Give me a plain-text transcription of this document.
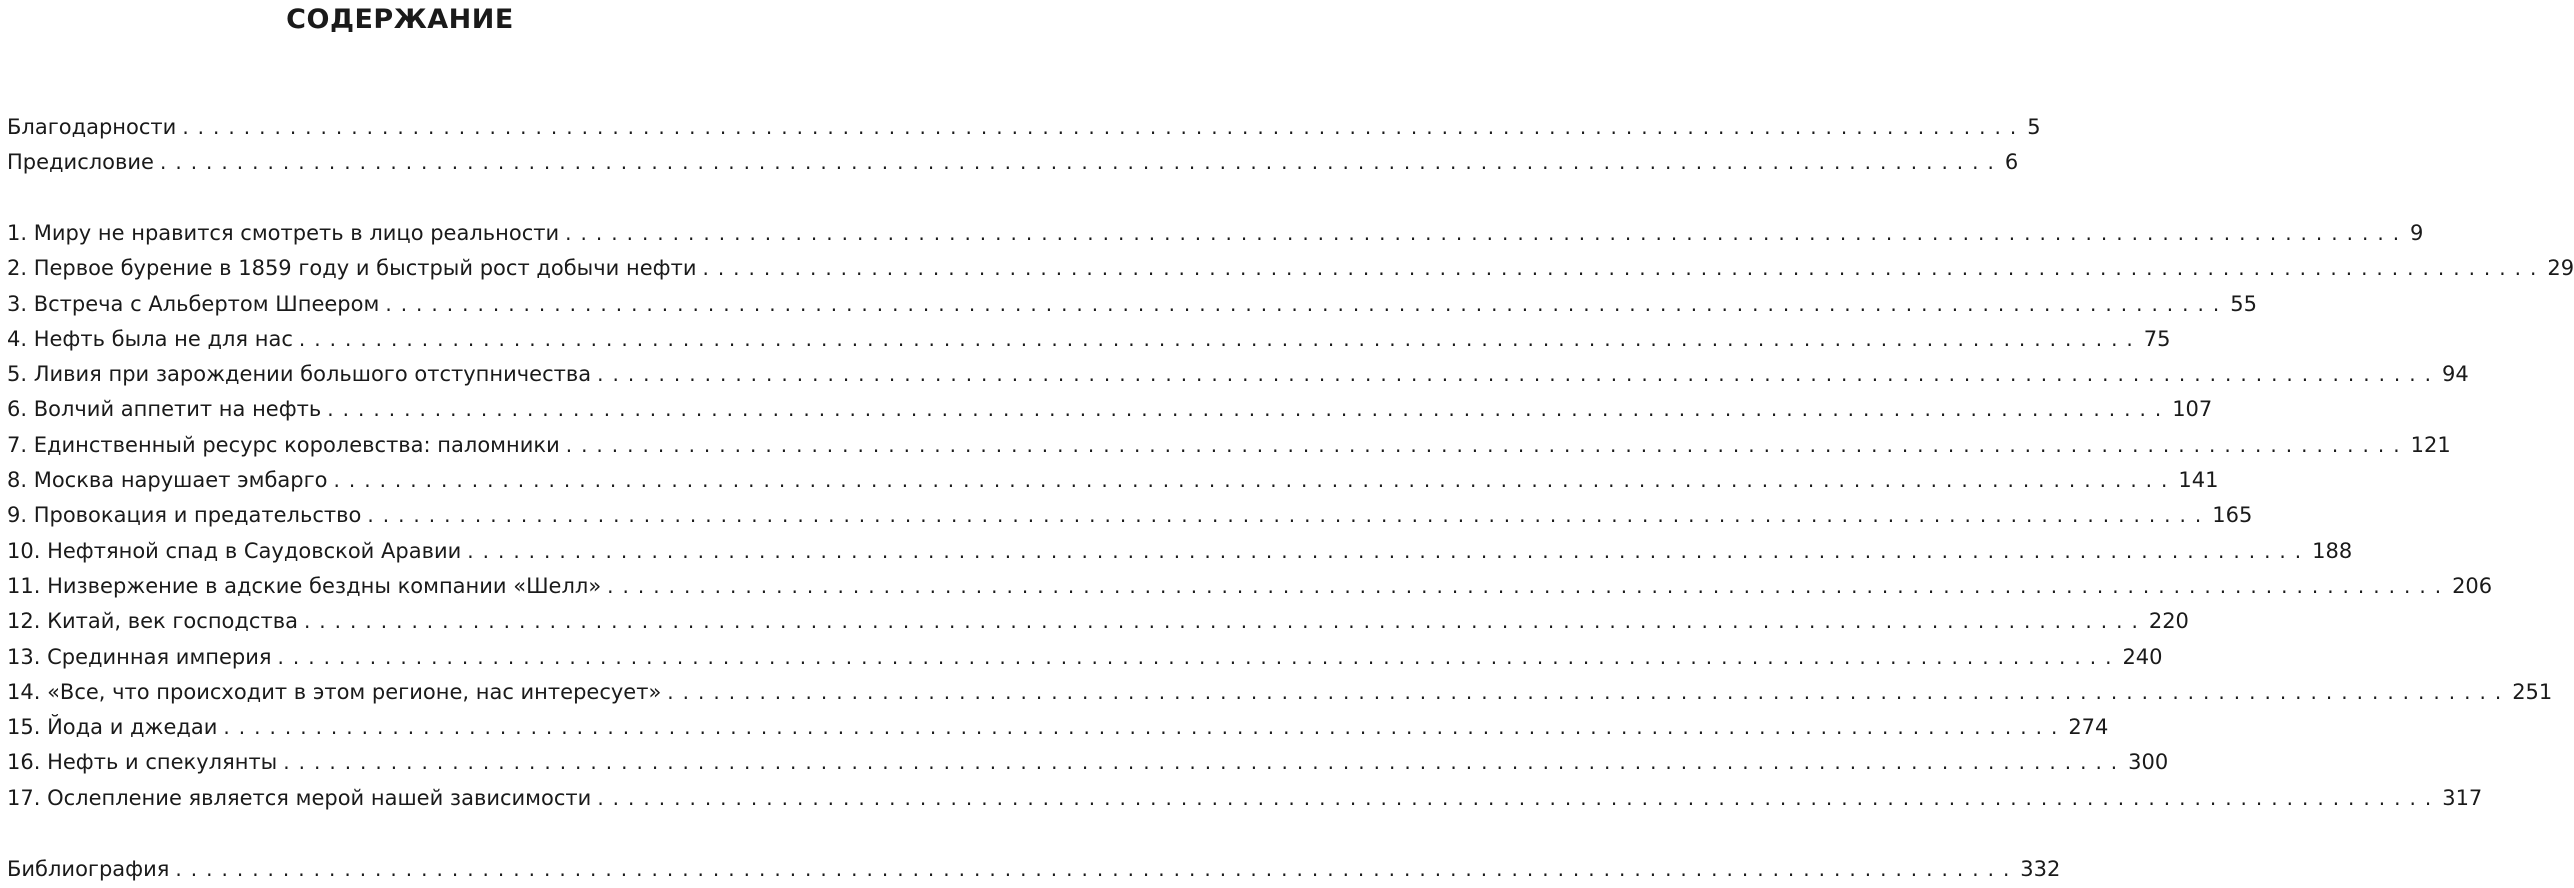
СОДЕРЖАНИЕ
Благодарности ........................................................................................................................ 5
Предисловие ........................................................................................................................ 6
1. Миру не нравится смотреть в лицо реальности ........................................................................................................................ 9
2. Первое бурение в 1859 году и быстрый рост добычи нефти ........................................................................................................................ 29
3. Встреча с Альбертом Шпеером ........................................................................................................................ 55
4. Нефть была не для нас ........................................................................................................................ 75
5. Ливия при зарождении большого отступничества ........................................................................................................................ 94
6. Волчий аппетит на нефть ........................................................................................................................ 107
7. Единственный ресурс королевства: паломники ........................................................................................................................ 121
8. Москва нарушает эмбарго ........................................................................................................................ 141
9. Провокация и предательство ........................................................................................................................ 165
10. Нефтяной спад в Саудовской Аравии ........................................................................................................................ 188
11. Низвержение в адские бездны компании «Шелл» ........................................................................................................................ 206
12. Китай, век господства ........................................................................................................................ 220
13. Срединная империя ........................................................................................................................ 240
14. «Все, что происходит в этом регионе, нас интересует» ........................................................................................................................ 251
15. Йода и джедаи ........................................................................................................................ 274
16. Нефть и спекулянты ........................................................................................................................ 300
17. Ослепление является мерой нашей зависимости ........................................................................................................................ 317
Библиография ........................................................................................................................ 332
